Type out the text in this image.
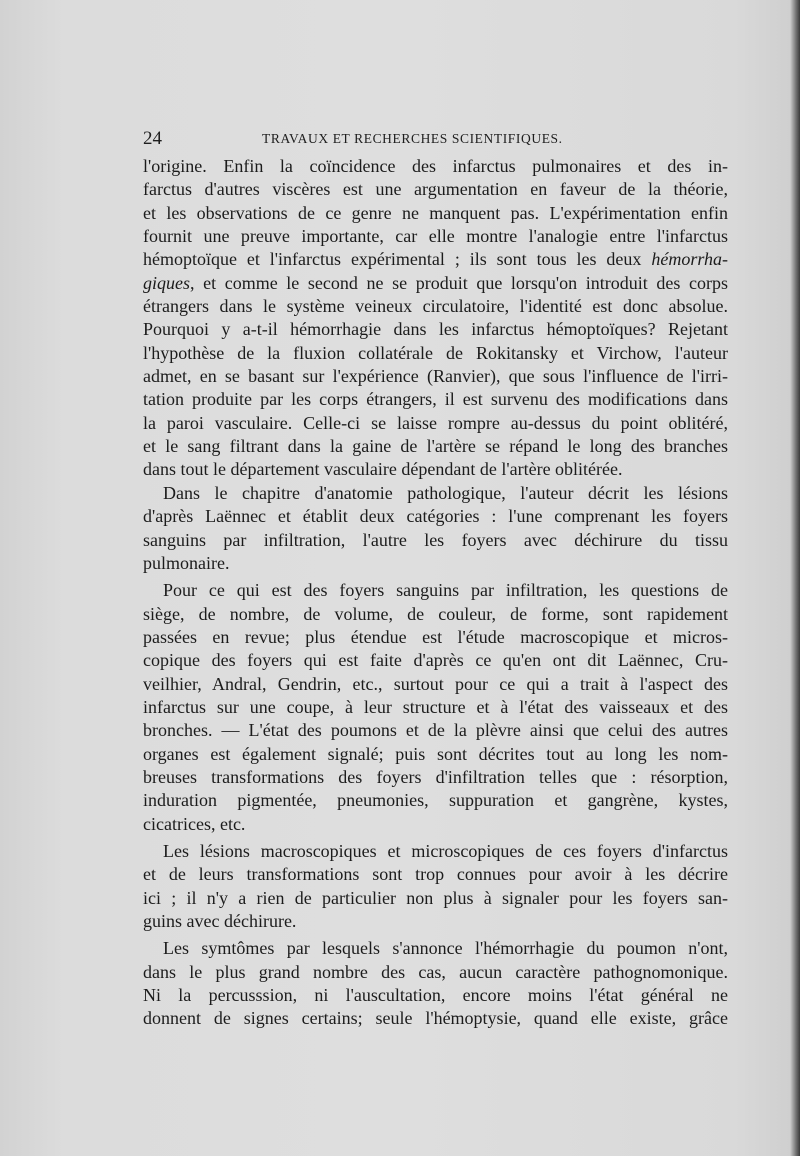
24	TRAVAUX ET RECHERCHES SCIENTIFIQUES.

l'origine. Enfin la coïncidence des infarctus pulmonaires et des in-
farctus d'autres viscères est une argumentation en faveur de la théorie,
et les observations de ce genre ne manquent pas. L'expérimentation enfin
fournit une preuve importante, car elle montre l'analogie entre l'infarctus
hémoptoïque et l'infarctus expérimental ; ils sont tous les deux hémorrha-
giques, et comme le second ne se produit que lorsqu'on introduit des corps
étrangers dans le système veineux circulatoire, l'identité est donc absolue.
Pourquoi y a-t-il hémorrhagie dans les infarctus hémoptoïques? Rejetant
l'hypothèse de la fluxion collatérale de Rokitansky et Virchow, l'auteur
admet, en se basant sur l'expérience (Ranvier), que sous l'influence de l'irri-
tation produite par les corps étrangers, il est survenu des modifications dans
la paroi vasculaire. Celle-ci se laisse rompre au-dessus du point oblitéré,
et le sang filtrant dans la gaine de l'artère se répand le long des branches
dans tout le département vasculaire dépendant de l'artère oblitérée.

Dans le chapitre d'anatomie pathologique, l'auteur décrit les lésions
d'après Laënnec et établit deux catégories : l'une comprenant les foyers
sanguins par infiltration, l'autre les foyers avec déchirure du tissu
pulmonaire.

Pour ce qui est des foyers sanguins par infiltration, les questions de
siège, de nombre, de volume, de couleur, de forme, sont rapidement
passées en revue; plus étendue est l'étude macroscopique et micros-
copique des foyers qui est faite d'après ce qu'en ont dit Laënnec, Cru-
veilhier, Andral, Gendrin, etc., surtout pour ce qui a trait à l'aspect des
infarctus sur une coupe, à leur structure et à l'état des vaisseaux et des
bronches. — L'état des poumons et de la plèvre ainsi que celui des autres
organes est également signalé; puis sont décrites tout au long les nom-
breuses transformations des foyers d'infiltration telles que : résorption,
induration pigmentée, pneumonies, suppuration et gangrène, kystes,
cicatrices, etc.

Les lésions macroscopiques et microscopiques de ces foyers d'infarctus
et de leurs transformations sont trop connues pour avoir à les décrire
ici ; il n'y a rien de particulier non plus à signaler pour les foyers san-
guins avec déchirure.

Les symtômes par lesquels s'annonce l'hémorrhagie du poumon n'ont,
dans le plus grand nombre des cas, aucun caractère pathognomonique.
Ni la percusssion, ni l'auscultation, encore moins l'état général ne
donnent de signes certains; seule l'hémoptysie, quand elle existe, grâce
